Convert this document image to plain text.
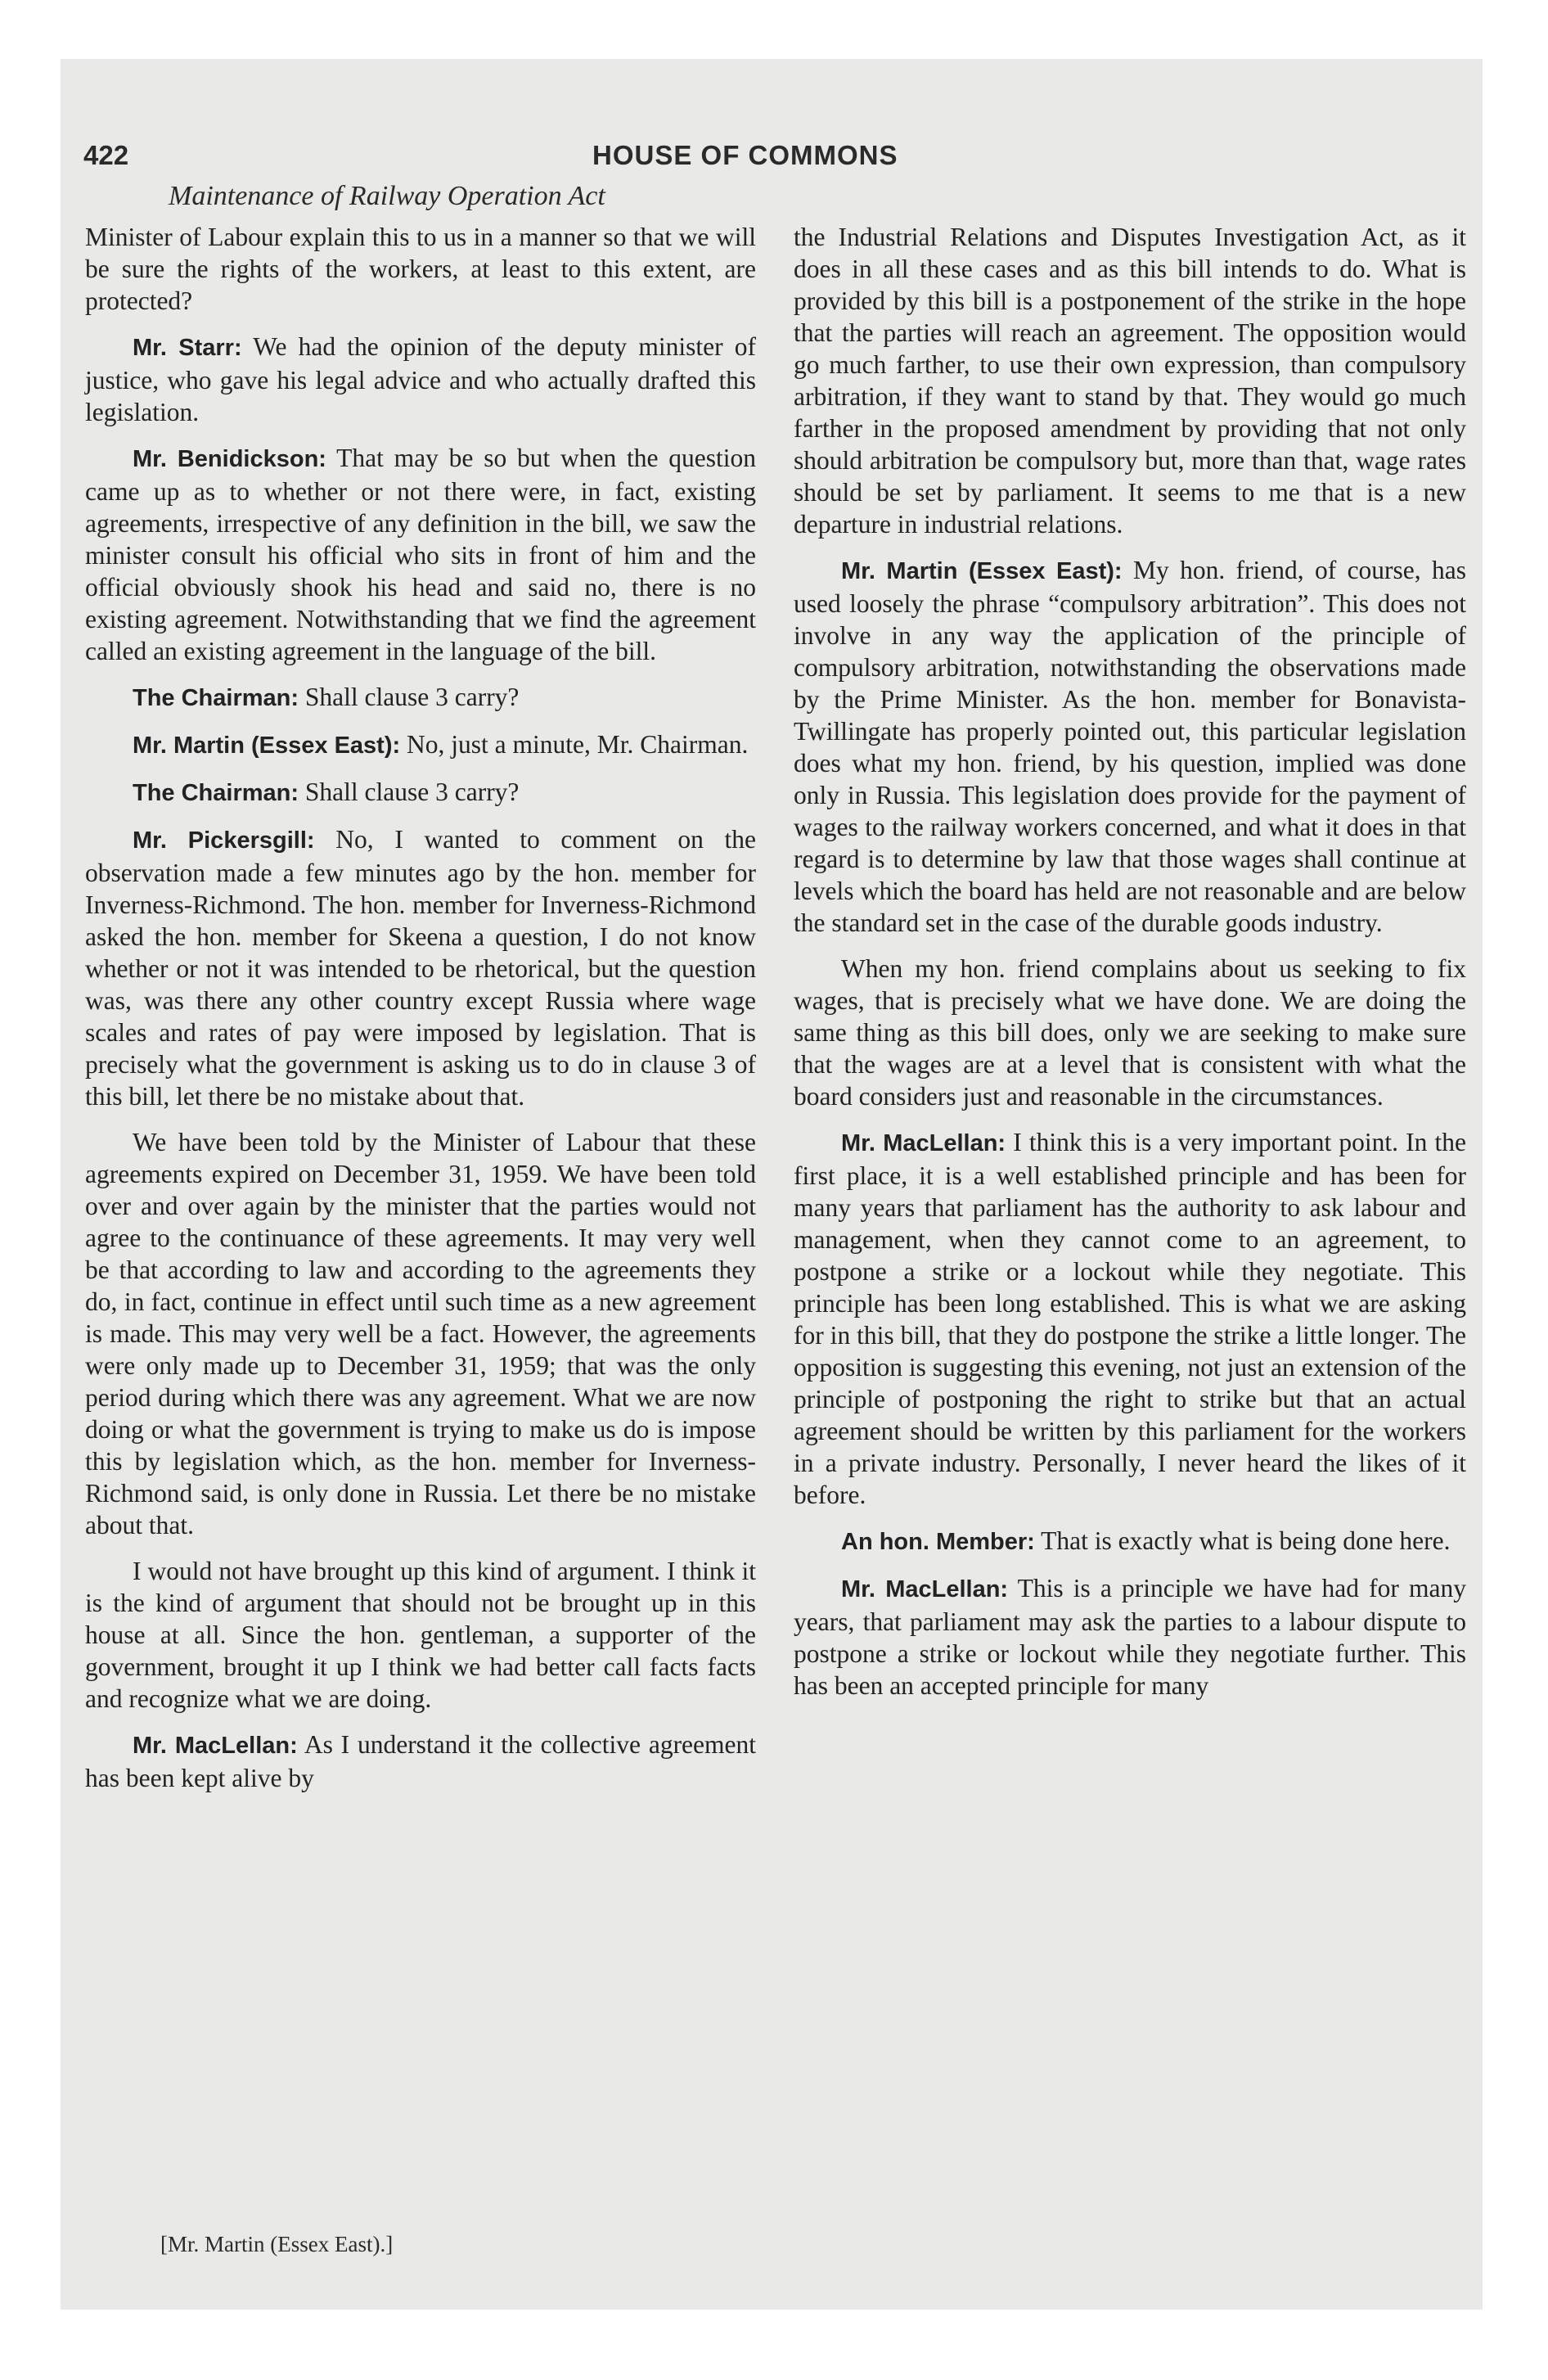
422	HOUSE OF COMMONS
Maintenance of Railway Operation Act

Minister of Labour explain this to us in a manner so that we will be sure the rights of the workers, at least to this extent, are protected?

Mr. Starr: We had the opinion of the deputy minister of justice, who gave his legal advice and who actually drafted this legislation.

Mr. Benidickson: That may be so but when the question came up as to whether or not there were, in fact, existing agreements, irrespective of any definition in the bill, we saw the minister consult his official who sits in front of him and the official obviously shook his head and said no, there is no existing agreement. Notwithstanding that we find the agreement called an existing agreement in the language of the bill.

The Chairman: Shall clause 3 carry?

Mr. Martin (Essex East): No, just a minute, Mr. Chairman.

The Chairman: Shall clause 3 carry?

Mr. Pickersgill: No, I wanted to comment on the observation made a few minutes ago by the hon. member for Inverness-Richmond. The hon. member for Inverness-Richmond asked the hon. member for Skeena a question, I do not know whether or not it was intended to be rhetorical, but the question was, was there any other country except Russia where wage scales and rates of pay were imposed by legislation. That is precisely what the government is asking us to do in clause 3 of this bill, let there be no mistake about that.

We have been told by the Minister of Labour that these agreements expired on December 31, 1959. We have been told over and over again by the minister that the parties would not agree to the continuance of these agreements. It may very well be that according to law and according to the agreements they do, in fact, continue in effect until such time as a new agreement is made. This may very well be a fact. However, the agreements were only made up to December 31, 1959; that was the only period during which there was any agreement. What we are now doing or what the government is trying to make us do is impose this by legislation which, as the hon. member for Inverness-Richmond said, is only done in Russia. Let there be no mistake about that.

I would not have brought up this kind of argument. I think it is the kind of argument that should not be brought up in this house at all. Since the hon. gentleman, a supporter of the government, brought it up I think we had better call facts facts and recognize what we are doing.

Mr. MacLellan: As I understand it the collective agreement has been kept alive by

the Industrial Relations and Disputes Investigation Act, as it does in all these cases and as this bill intends to do. What is provided by this bill is a postponement of the strike in the hope that the parties will reach an agreement. The opposition would go much farther, to use their own expression, than compulsory arbitration, if they want to stand by that. They would go much farther in the proposed amendment by providing that not only should arbitration be compulsory but, more than that, wage rates should be set by parliament. It seems to me that is a new departure in industrial relations.

Mr. Martin (Essex East): My hon. friend, of course, has used loosely the phrase “compulsory arbitration”. This does not involve in any way the application of the principle of compulsory arbitration, notwithstanding the observations made by the Prime Minister. As the hon. member for Bonavista-Twillingate has properly pointed out, this particular legislation does what my hon. friend, by his question, implied was done only in Russia. This legislation does provide for the payment of wages to the railway workers concerned, and what it does in that regard is to determine by law that those wages shall continue at levels which the board has held are not reasonable and are below the standard set in the case of the durable goods industry.

When my hon. friend complains about us seeking to fix wages, that is precisely what we have done. We are doing the same thing as this bill does, only we are seeking to make sure that the wages are at a level that is consistent with what the board considers just and reasonable in the circumstances.

Mr. MacLellan: I think this is a very important point. In the first place, it is a well established principle and has been for many years that parliament has the authority to ask labour and management, when they cannot come to an agreement, to postpone a strike or a lockout while they negotiate. This principle has been long established. This is what we are asking for in this bill, that they do postpone the strike a little longer. The opposition is suggesting this evening, not just an extension of the principle of postponing the right to strike but that an actual agreement should be written by this parliament for the workers in a private industry. Personally, I never heard the likes of it before.

An hon. Member: That is exactly what is being done here.

Mr. MacLellan: This is a principle we have had for many years, that parliament may ask the parties to a labour dispute to postpone a strike or lockout while they negotiate further. This has been an accepted principle for many

[Mr. Martin (Essex East).]
